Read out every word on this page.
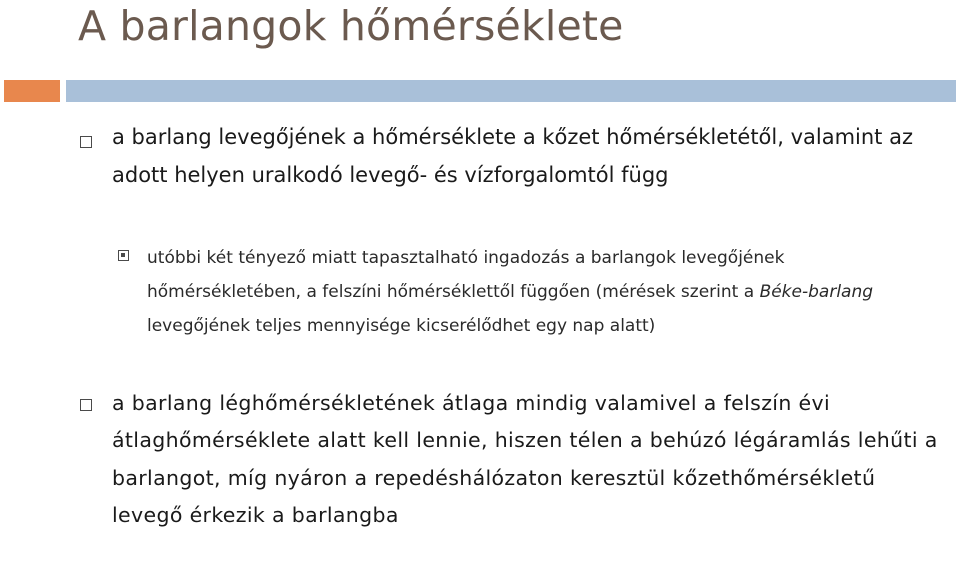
A barlangok hőmérséklete

a barlang levegőjének a hőmérséklete a kőzet hőmérsékletétől, valamint az adott helyen uralkodó levegő- és vízforgalomtól függ

utóbbi két tényező miatt tapasztalható ingadozás a barlangok levegőjének hőmérsékletében, a felszíni hőmérséklettől függően (mérések szerint a Béke-barlang levegőjének teljes mennyisége kicserélődhet egy nap alatt)

a barlang léghőmérsékletének átlaga mindig valamivel a felszín évi átlaghőmérséklete alatt kell lennie, hiszen télen a behúzó légáramlás lehűti a barlangot, míg nyáron a repedéshálózaton keresztül kőzethőmérsékletű levegő érkezik a barlangba
